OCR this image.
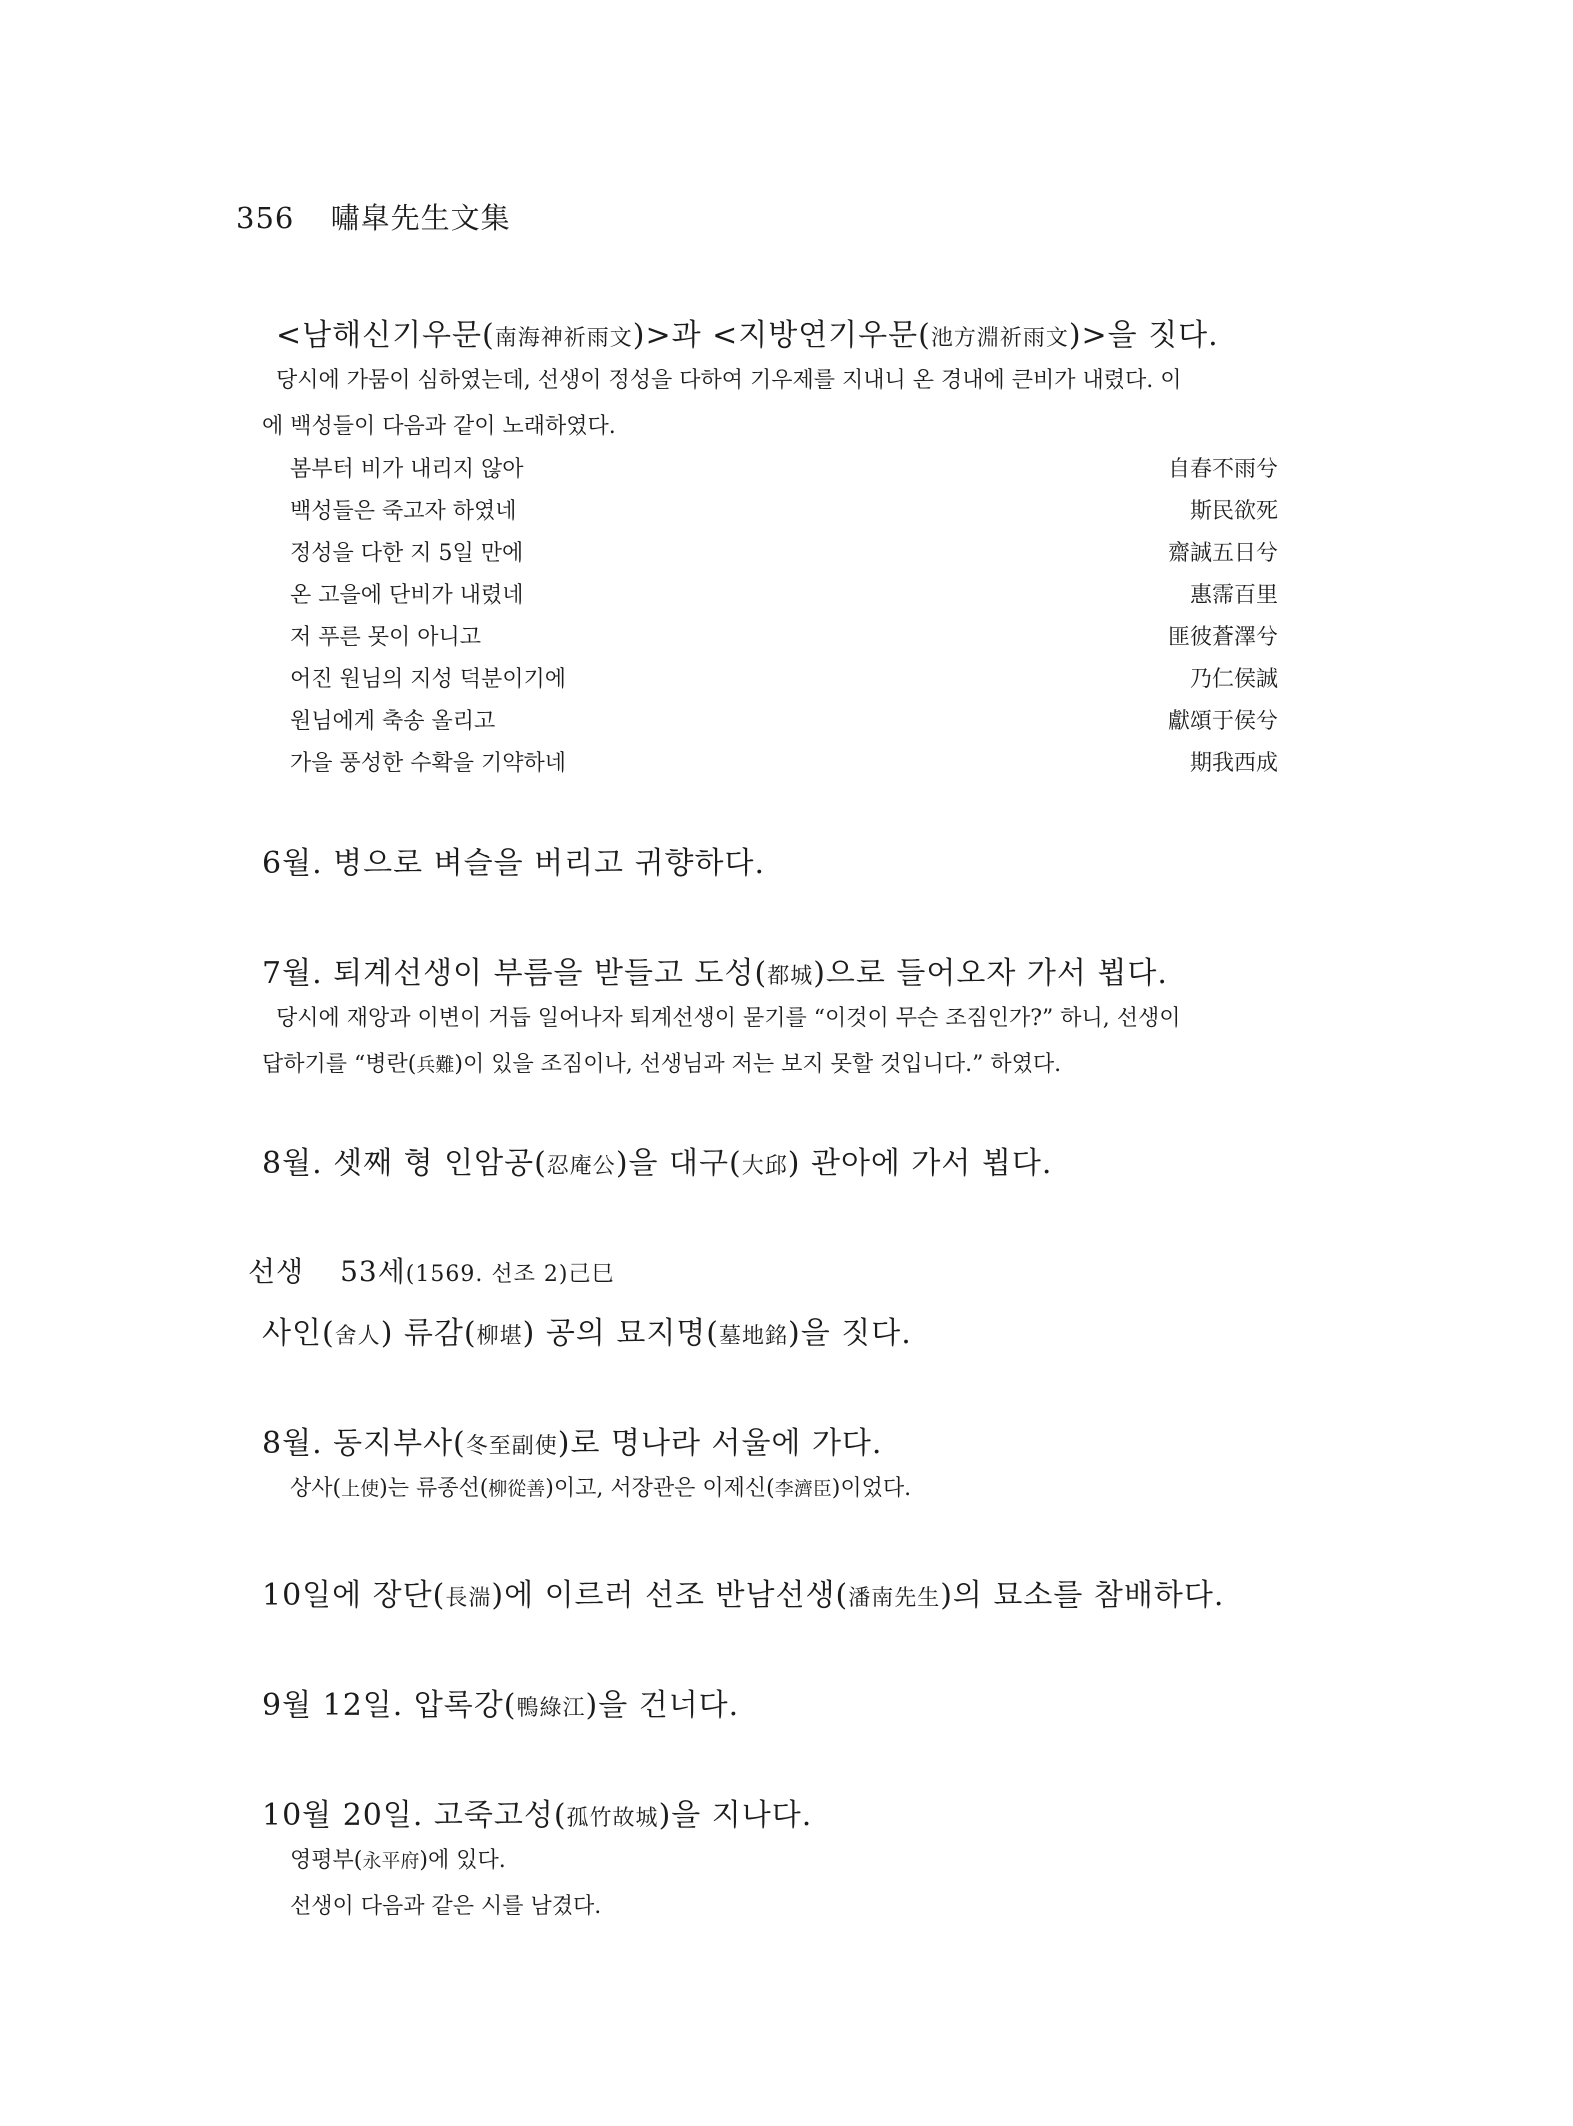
356 嘯皐先生文集
<남해신기우문(南海神祈雨文)>과 <지방연기우문(池方淵祈雨文)>을 짓다.
당시에 가뭄이 심하였는데, 선생이 정성을 다하여 기우제를 지내니 온 경내에 큰비가 내렸다. 이
에 백성들이 다음과 같이 노래하였다.
봄부터 비가 내리지 않아	自春不雨兮
백성들은 죽고자 하였네	斯民欲死
정성을 다한 지 5일 만에	齋誠五日兮
온 고을에 단비가 내렸네	惠霈百里
저 푸른 못이 아니고	匪彼蒼澤兮
어진 원님의 지성 덕분이기에	乃仁侯誠
원님에게 축송 올리고	獻頌于侯兮
가을 풍성한 수확을 기약하네	期我西成
6월. 병으로 벼슬을 버리고 귀향하다.
7월. 퇴계선생이 부름을 받들고 도성(都城)으로 들어오자 가서 뵙다.
당시에 재앙과 이변이 거듭 일어나자 퇴계선생이 묻기를 “이것이 무슨 조짐인가?” 하니, 선생이
답하기를 “병란(兵難)이 있을 조짐이나, 선생님과 저는 보지 못할 것입니다.” 하였다.
8월. 셋째 형 인암공(忍庵公)을 대구(大邱) 관아에 가서 뵙다.
선생 53세(1569. 선조 2)己巳
사인(舍人) 류감(柳堪) 공의 묘지명(墓地銘)을 짓다.
8월. 동지부사(冬至副使)로 명나라 서울에 가다.
상사(上使)는 류종선(柳從善)이고, 서장관은 이제신(李濟臣)이었다.
10일에 장단(長湍)에 이르러 선조 반남선생(潘南先生)의 묘소를 참배하다.
9월 12일. 압록강(鴨綠江)을 건너다.
10월 20일. 고죽고성(孤竹故城)을 지나다.
영평부(永平府)에 있다.
선생이 다음과 같은 시를 남겼다.
